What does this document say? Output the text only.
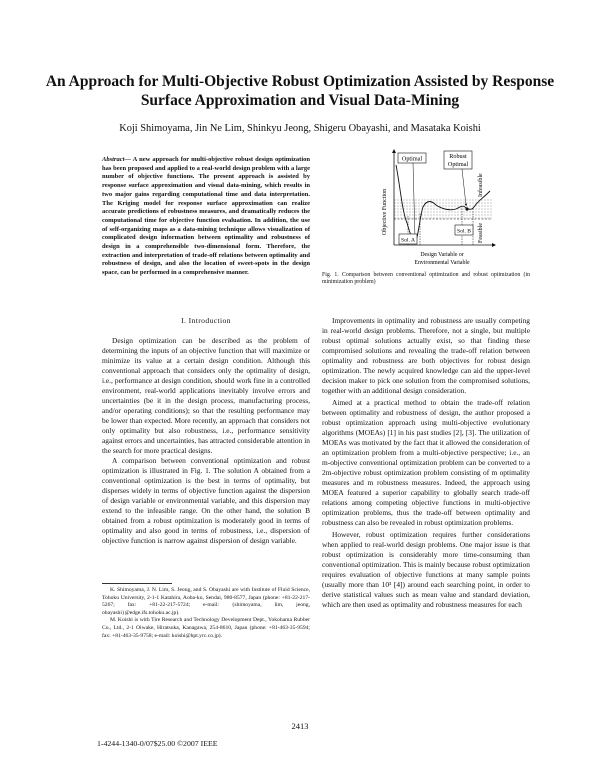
An Approach for Multi-Objective Robust Optimization Assisted by Response Surface Approximation and Visual Data-Mining
Koji Shimoyama, Jin Ne Lim, Shinkyu Jeong, Shigeru Obayashi, and Masataka Koishi
Abstract— A new approach for multi-objective robust design optimization has been proposed and applied to a real-world design problem with a large number of objective functions. The present approach is assisted by response surface approximation and visual data-mining, which results in two major gains regarding computational time and data interpretation. The Kriging model for response surface approximation can realize accurate predictions of robustness measures, and dramatically reduces the computational time for objective function evaluation. In addition, the use of self-organizing maps as a data-mining technique allows visualization of complicated design information between optimality and robustness of design in a comprehensible two-dimensional form. Therefore, the extraction and interpretation of trade-off relations between optimality and robustness of design, and also the location of sweet-spots in the design space, can be performed in a comprehensive manner.
I. Introduction

Design optimization can be described as the problem of determining the inputs of an objective function that will maximize or minimize its value at a certain design condition. Although this conventional approach that considers only the optimality of design, i.e., performance at design condition, should work fine in a controlled environment, real-world applications inevitably involve errors and uncertainties (be it in the design process, manufacturing process, and/or operating conditions); so that the resulting performance may be lower than expected. More recently, an approach that considers not only optimality but also robustness, i.e., performance sensitivity against errors and uncertainties, has attracted considerable attention in the search for more practical designs.

A comparison between conventional optimization and robust optimization is illustrated in Fig. 1. The solution A obtained from a conventional optimization is the best in terms of optimality, but disperses widely in terms of objective function against the dispersion of design variable or environmental variable, and this dispersion may extend to the infeasible range. On the other hand, the solution B obtained from a robust optimization is moderately good in terms of optimality and also good in terms of robustness, i.e., dispersion of objective function is narrow against dispersion of design variable.

K. Shimoyama, J. N. Lim, S. Jeong, and S. Obayashi are with Institute of Fluid Science, Tohoku University, 2-1-1 Katahira, Aoba-ku, Sendai, 980-8577, Japan (phone: +81-22-217-5267; fax: +81-22-217-5724; e-mail: {shimoyama, lim, jeong, obayashi}@edge.ifs.tohoku.ac.jp).

M. Koishi is with Tire Research and Technology Development Dept., Yokohama Rubber Co., Ltd., 2-1 Oiwake, Hiratsuka, Kanagawa, 254-8610, Japan (phone: +81-463-35-9594; fax: +81-463-35-9758; e-mail: koishi@hpt.yrc.co.jp).

Optimal	Robust
Optimal
Infeasible
Feasible
Objective Function
Sol. A
Sol. B
Design Variable or
Environmental Variable
Fig. 1. Comparison between conventional optimization and robust optimization (in minimization problem)

Improvements in optimality and robustness are usually competing in real-world design problems. Therefore, not a single, but multiple robust optimal solutions actually exist, so that finding these compromised solutions and revealing the trade-off relation between optimality and robustness are both objectives for robust design optimization. The newly acquired knowledge can aid the upper-level decision maker to pick one solution from the compromised solutions, together with an additional design consideration.

Aimed at a practical method to obtain the trade-off relation between optimality and robustness of design, the author proposed a robust optimization approach using multi-objective evolutionary algorithms (MOEAs) [1] in his past studies [2], [3]. The utilization of MOEAs was motivated by the fact that it allowed the consideration of an optimization problem from a multi-objective perspective; i.e., an m-objective conventional optimization problem can be converted to a 2m-objective robust optimization problem consisting of m optimality measures and m robustness measures. Indeed, the approach using MOEA featured a superior capability to globally search trade-off relations among competing objective functions in multi-objective optimization problems, thus the trade-off between optimality and robustness can also be revealed in robust optimization problems.

However, robust optimization requires further considerations when applied to real-world design problems. One major issue is that robust optimization is considerably more time-consuming than conventional optimization. This is mainly because robust optimization requires evaluation of objective functions at many sample points (usually more than 10³ [4]) around each searching point, in order to derive statistical values such as mean value and standard deviation, which are then used as optimality and robustness measures for each

2413
1-4244-1340-0/07$25.00 ©2007 IEEE
